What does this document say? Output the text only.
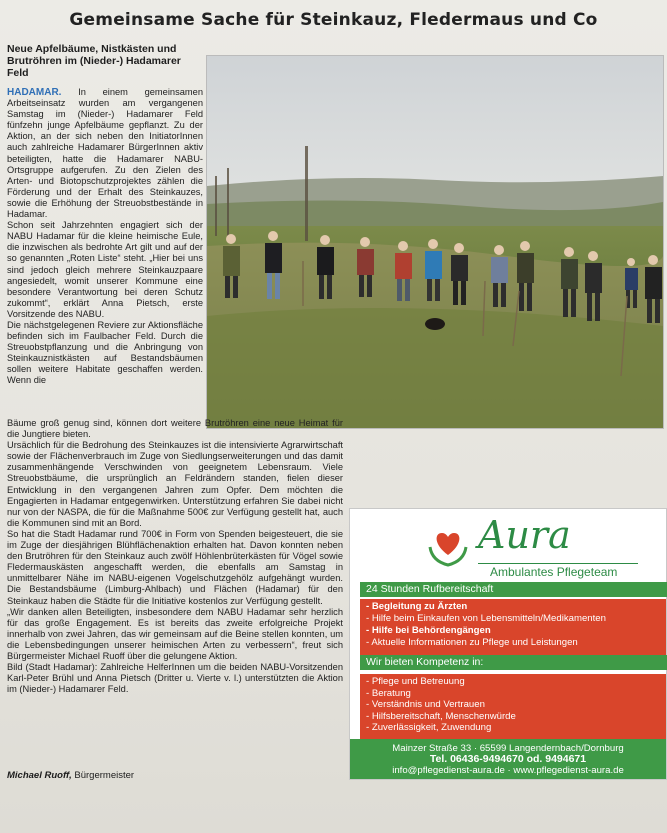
Gemeinsame Sache für Steinkauz, Fledermaus und Co
Neue Apfelbäume, Nistkästen und Brutröhren im (Nieder-) Hadamarer Feld

HADAMAR. In einem gemeinsamen Arbeitseinsatz wurden am vergangenen Samstag im (Nieder-) Hadamarer Feld fünfzehn junge Apfelbäume gepflanzt. Zu der Aktion, an der sich neben den InitiatorInnen auch zahlreiche Hadamarer BürgerInnen aktiv beteiligten, hatte die Hadamarer NABU-Ortsgruppe aufgerufen. Zu den Zielen des Arten- und Biotopschutzprojektes zählen die Förderung und der Erhalt des Steinkauzes, sowie die Erhöhung der Streuobstbestände in Hadamar.

Schon seit Jahrzehnten engagiert sich der NABU Hadamar für die kleine heimische Eule, die inzwischen als bedrohte Art gilt und auf der so genannten „Roten Liste“ steht. „Hier bei uns sind jedoch gleich mehrere Steinkauzpaare angesiedelt, womit unserer Kommune eine besondere Verantwortung bei deren Schutz zukommt“, erklärt Anna Pietsch, erste Vorsitzende des NABU.

Die nächstgelegenen Reviere zur Aktionsfläche befinden sich im Faulbacher Feld. Durch die Streuobstpflanzung und die Anbringung von Steinkauznistkästen auf Bestandsbäumen sollen weitere Habitate geschaffen werden. Wenn die

Bäume groß genug sind, können dort weitere Brutröhren eine neue Heimat für die Jungtiere bieten.

Ursächlich für die Bedrohung des Steinkauzes ist die intensivierte Agrarwirtschaft sowie der Flächenverbrauch im Zuge von Siedlungserweiterungen und das damit zusammenhängende Verschwinden von geeignetem Lebensraum. Viele Streuobstbäume, die ursprünglich an Feldrändern standen, fielen dieser Entwicklung in den vergangenen Jahren zum Opfer. Dem möchten die Engagierten in Hadamar entgegenwirken. Unterstützung erfahren Sie dabei nicht nur von der NASPA, die für die Maßnahme 500€ zur Verfügung gestellt hat, auch die Kommunen sind mit an Bord.

So hat die Stadt Hadamar rund 700€ in Form von Spenden beigesteuert, die sie im Zuge der diesjährigen Blühflächenaktion erhalten hat. Davon konnten neben den Brutröhren für den Steinkauz auch zwölf Höhlenbrüterkästen für Vögel sowie Fledermauskästen angeschafft werden, die ebenfalls am Samstag in unmittelbarer Nähe im NABU-eigenen Vogelschutzgehölz aufgehängt wurden. Die Bestandsbäume (Limburg-Ahlbach) und Flächen (Hadamar) für den Steinkauz haben die Städte für die Initiative kostenlos zur Verfügung gestellt.

„Wir danken allen Beteiligten, insbesondere dem NABU Hadamar sehr herzlich für das große Engagement. Es ist bereits das zweite erfolgreiche Projekt innerhalb von zwei Jahren, das wir gemeinsam auf die Beine stellen konnten, um die Lebensbedingungen unserer heimischen Arten zu verbessern“, freut sich Bürgermeister Michael Ruoff über die gelungene Aktion.

Bild (Stadt Hadamar): Zahlreiche HelferInnen um die beiden NABU-Vorsitzenden Karl-Peter Brühl und Anna Pietsch (Dritter u. Vierte v. l.) unterstützten die Aktion im (Nieder-) Hadamarer Feld.

Michael Ruoff, Bürgermeister
Aura
Ambulantes Pflegeteam
24 Stunden Rufbereitschaft
- Begleitung zu Ärzten
- Hilfe beim Einkaufen von Lebensmitteln/Medikamenten
- Hilfe bei Behördengängen
- Aktuelle Informationen zu Pflege und Leistungen
Wir bieten Kompetenz in:
- Pflege und Betreuung
- Beratung
- Verständnis und Vertrauen
- Hilfsbereitschaft, Menschenwürde
- Zuverlässigkeit, Zuwendung
Mainzer Straße 33 · 65599 Langendernbach/Dornburg
Tel. 06436-9494670 od. 9494671
info@pflegedienst-aura.de · www.pflegedienst-aura.de
